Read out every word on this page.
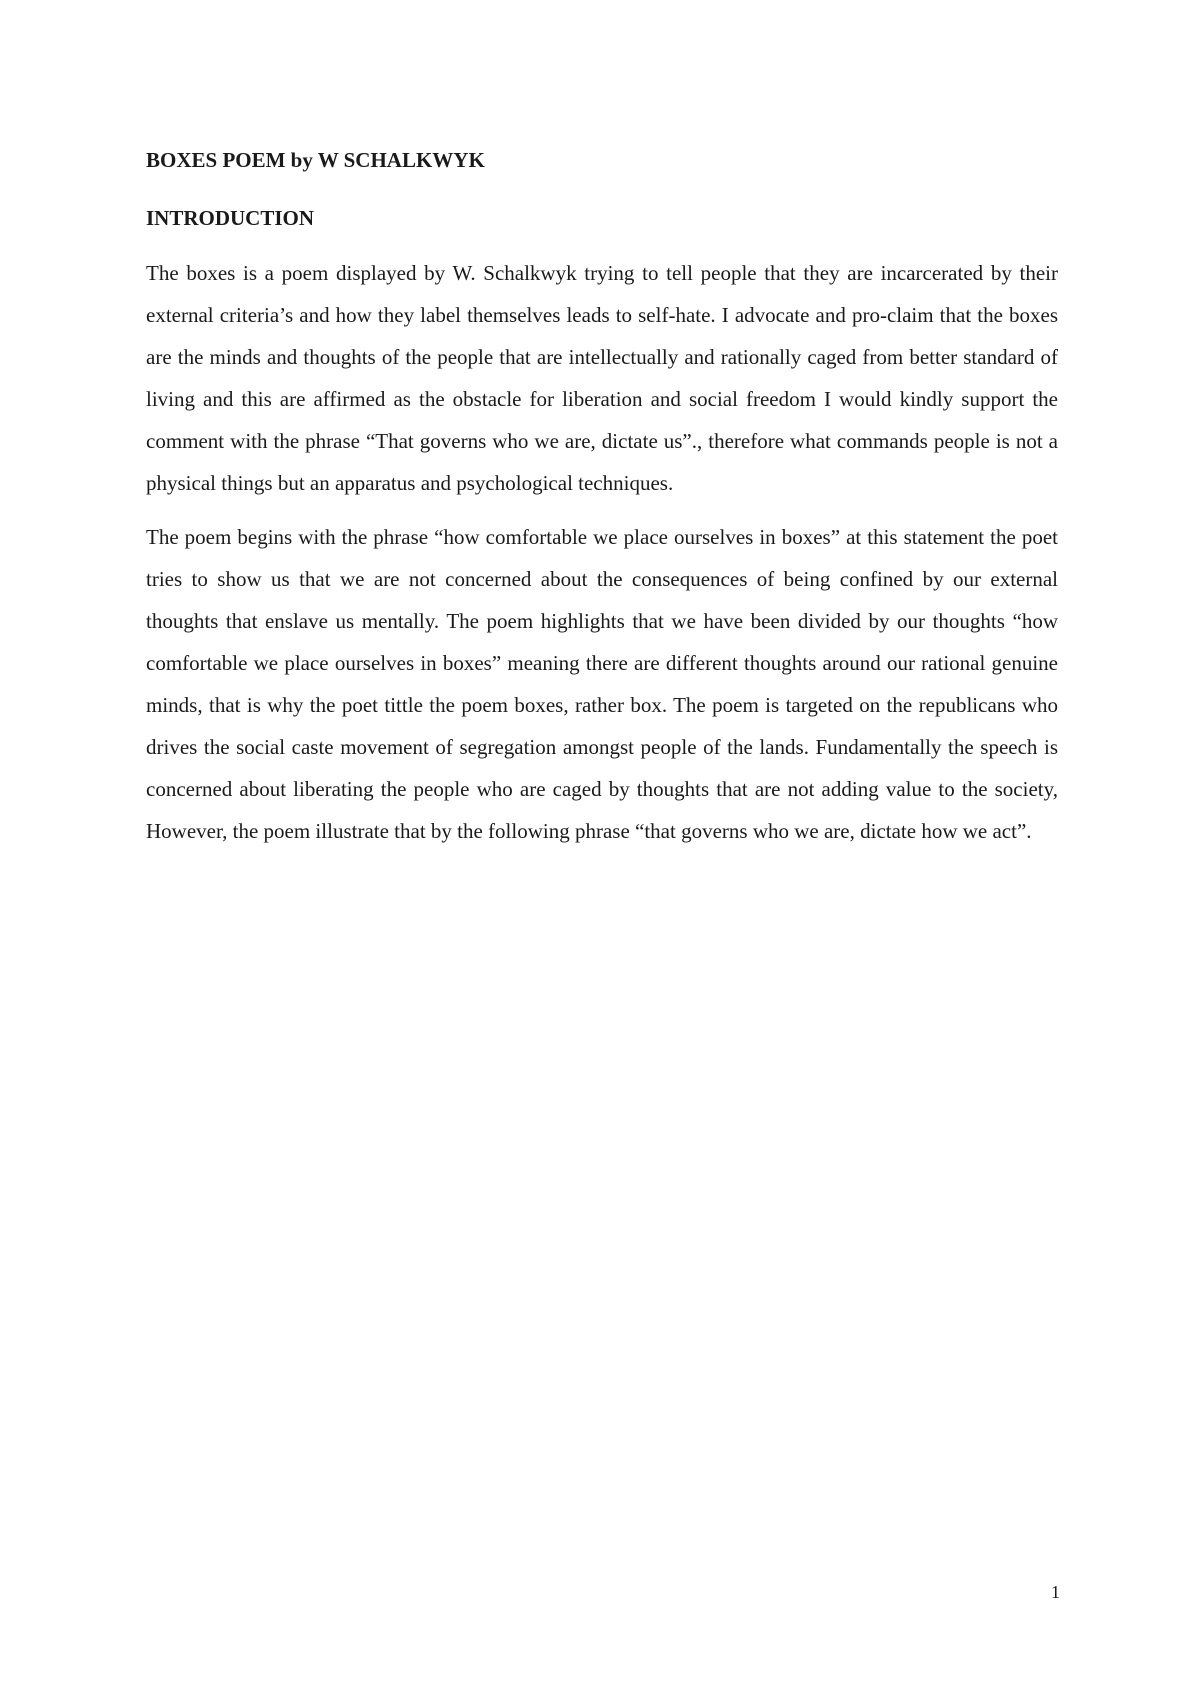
BOXES POEM by W SCHALKWYK
INTRODUCTION

The boxes is a poem displayed by W. Schalkwyk trying to tell people that they are incarcerated by their external criteria’s and how they label themselves leads to self-hate. I advocate and pro-claim that the boxes are the minds and thoughts of the people that are intellectually and rationally caged from better standard of living and this are affirmed as the obstacle for liberation and social freedom I would kindly support the comment with the phrase “That governs who we are, dictate us”., therefore what commands people is not a physical things but an apparatus and psychological techniques.

The poem begins with the phrase “how comfortable we place ourselves in boxes” at this statement the poet tries to show us that we are not concerned about the consequences of being confined by our external thoughts that enslave us mentally. The poem highlights that we have been divided by our thoughts “how comfortable we place ourselves in boxes” meaning there are different thoughts around our rational genuine minds, that is why the poet tittle the poem boxes, rather box. The poem is targeted on the republicans who drives the social caste movement of segregation amongst people of the lands. Fundamentally the speech is concerned about liberating the people who are caged by thoughts that are not adding value to the society, However, the poem illustrate that by the following phrase “that governs who we are, dictate how we act”.

1
